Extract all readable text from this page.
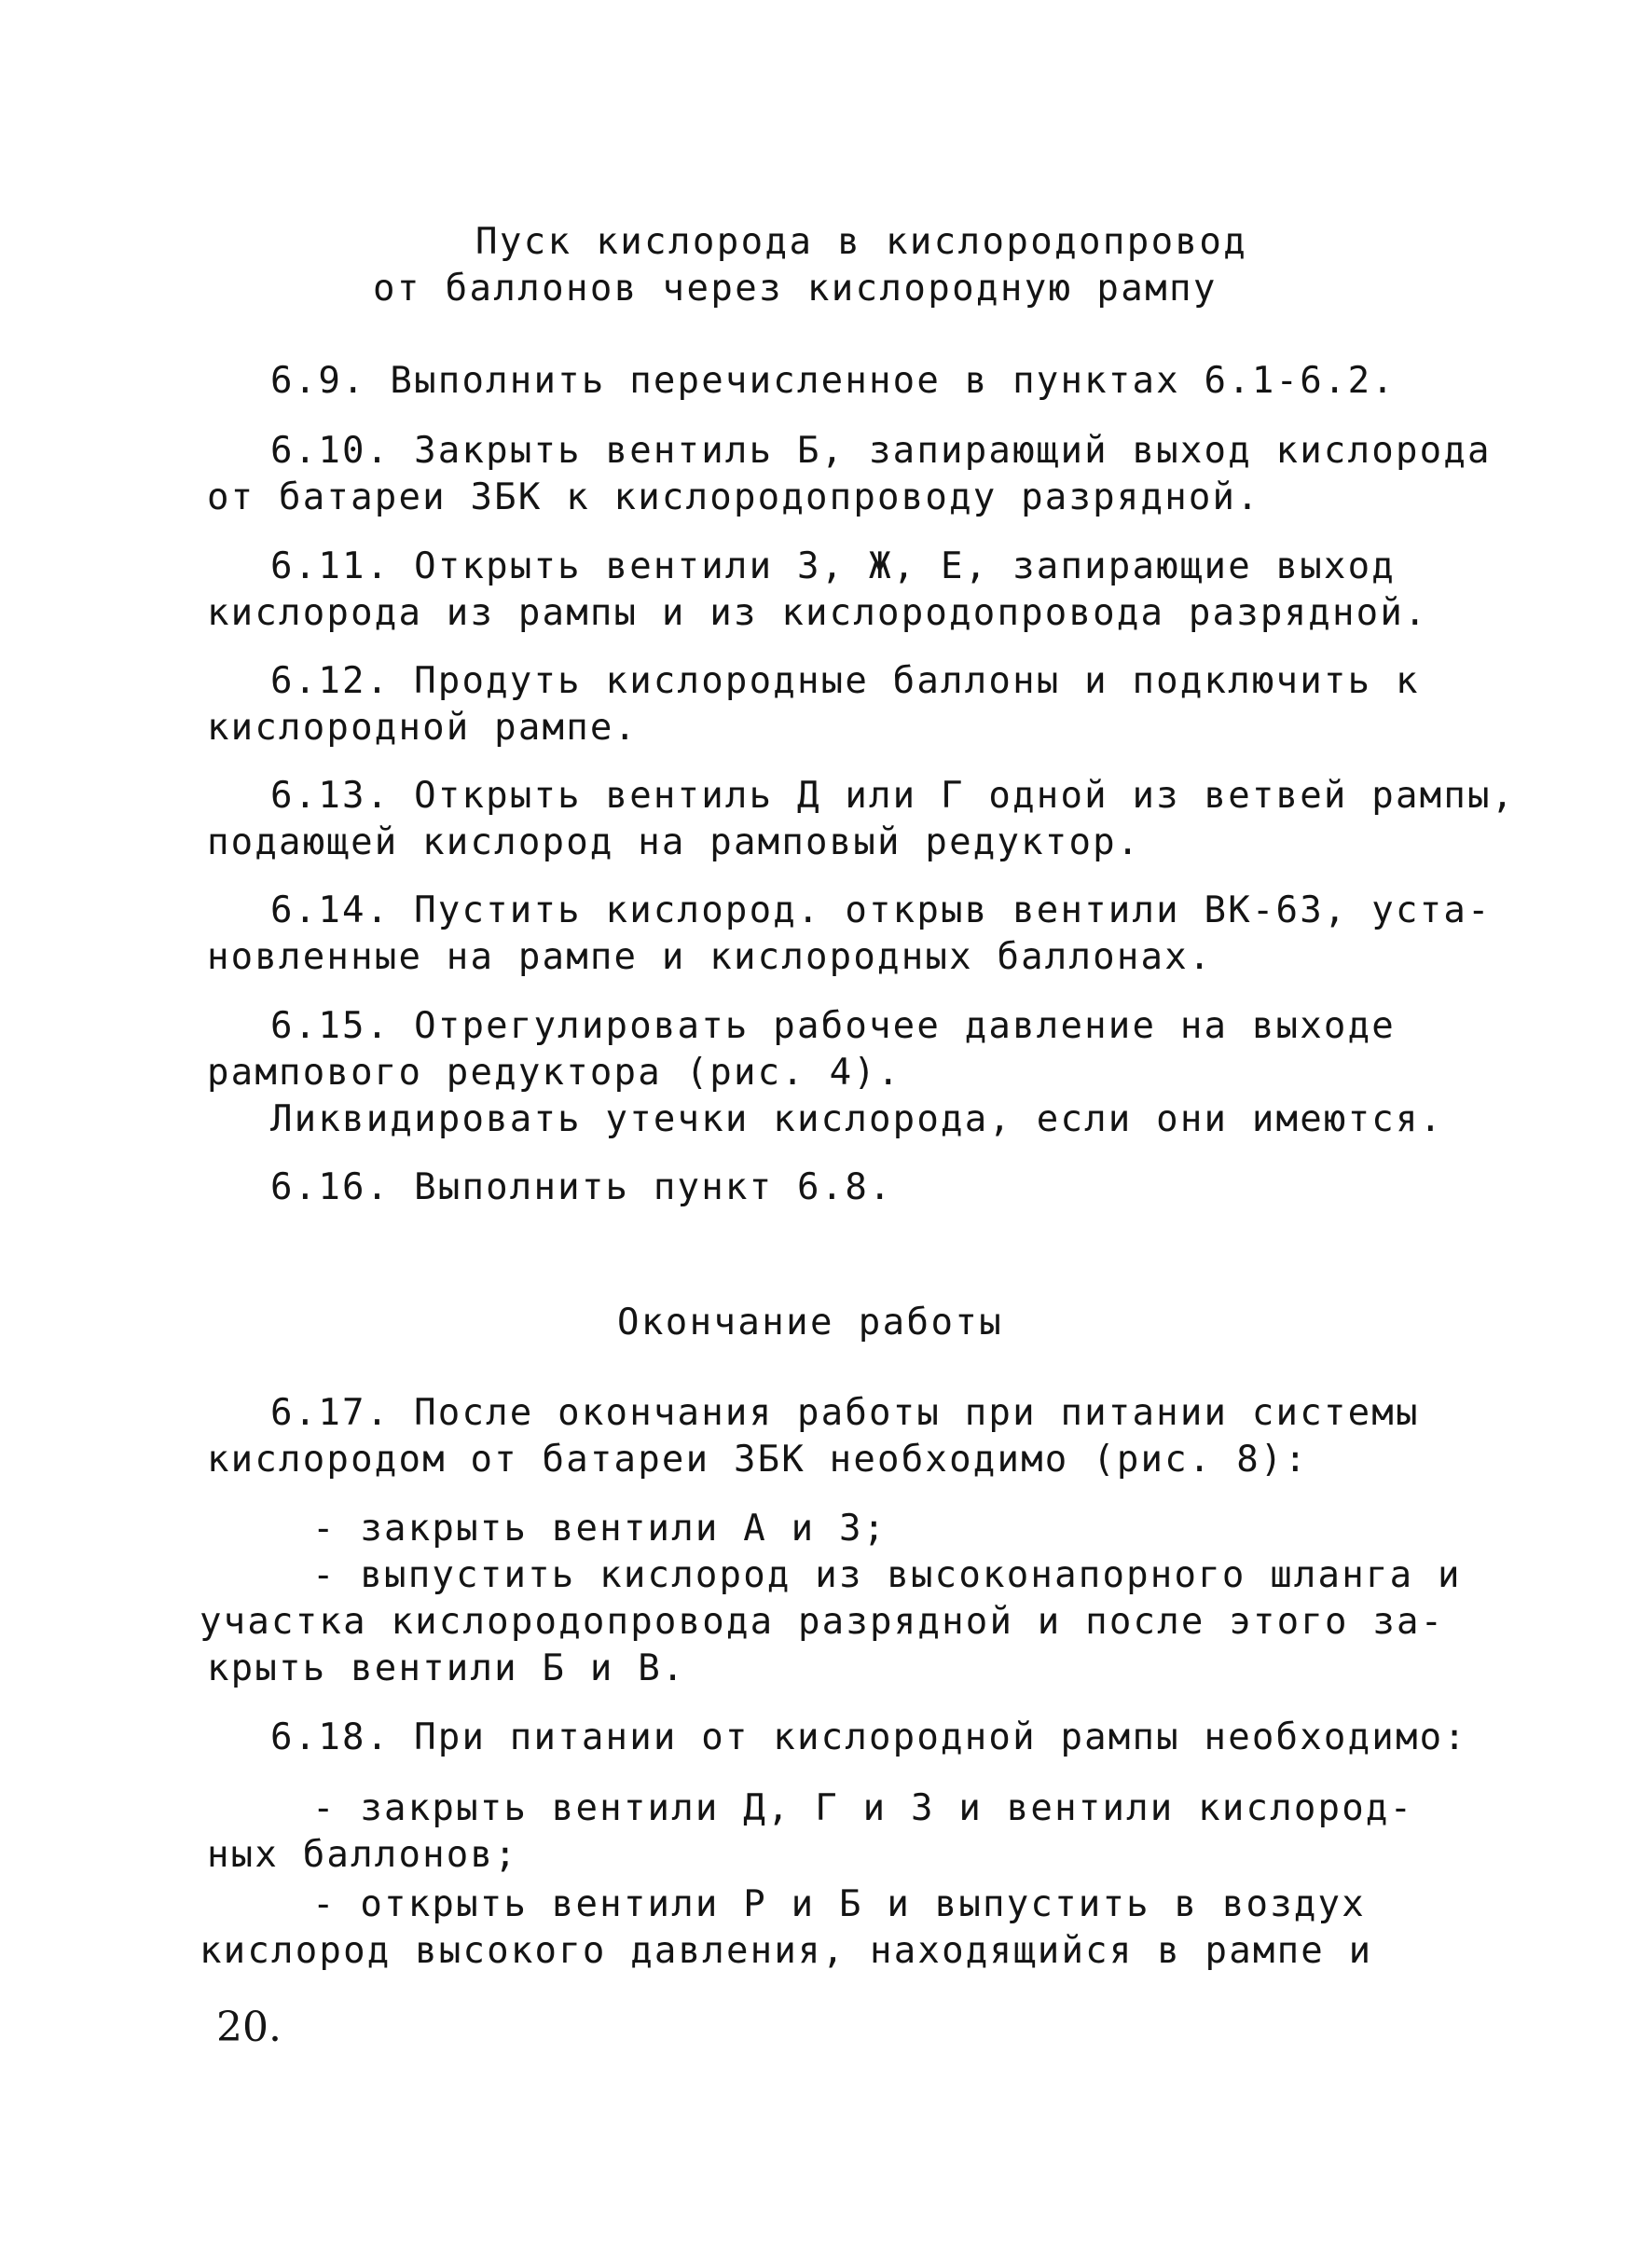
Пуск кислорода в кислородопровод
от баллонов через кислородную рампу
6.9. Выполнить перечисленное в пунктах 6.1-6.2.
6.10. Закрыть вентиль Б, запирающий выход кислорода
от батареи 3БК к кислородопроводу разрядной.
6.11. Открыть вентили 3, Ж, Е, запирающие выход
кислорода из рампы и из кислородопровода разрядной.
6.12. Продуть кислородные баллоны и подключить к
кислородной рампе.
6.13. Открыть вентиль Д или Г одной из ветвей рампы,
подающей кислород на рамповый редуктор.
6.14. Пустить кислород. открыв вентили ВК-63, уста-
новленные на рампе и кислородных баллонах.
6.15. Отрегулировать рабочее давление на выходе
рампового редуктора (рис. 4).
Ликвидировать утечки кислорода, если они имеются.
6.16. Выполнить пункт 6.8.
Окончание работы
6.17. После окончания работы при питании системы
кислородом от батареи 3БК необходимо (рис. 8):
- закрыть вентили А и 3;
- выпустить кислород из высоконапорного шланга и
участка кислородопровода разрядной и после этого за-
крыть вентили Б и В.
6.18. При питании от кислородной рампы необходимо:
- закрыть вентили Д, Г и 3 и вентили кислород-
ных баллонов;
- открыть вентили Р и Б и выпустить в воздух
кислород высокого давления, находящийся в рампе и
20.
